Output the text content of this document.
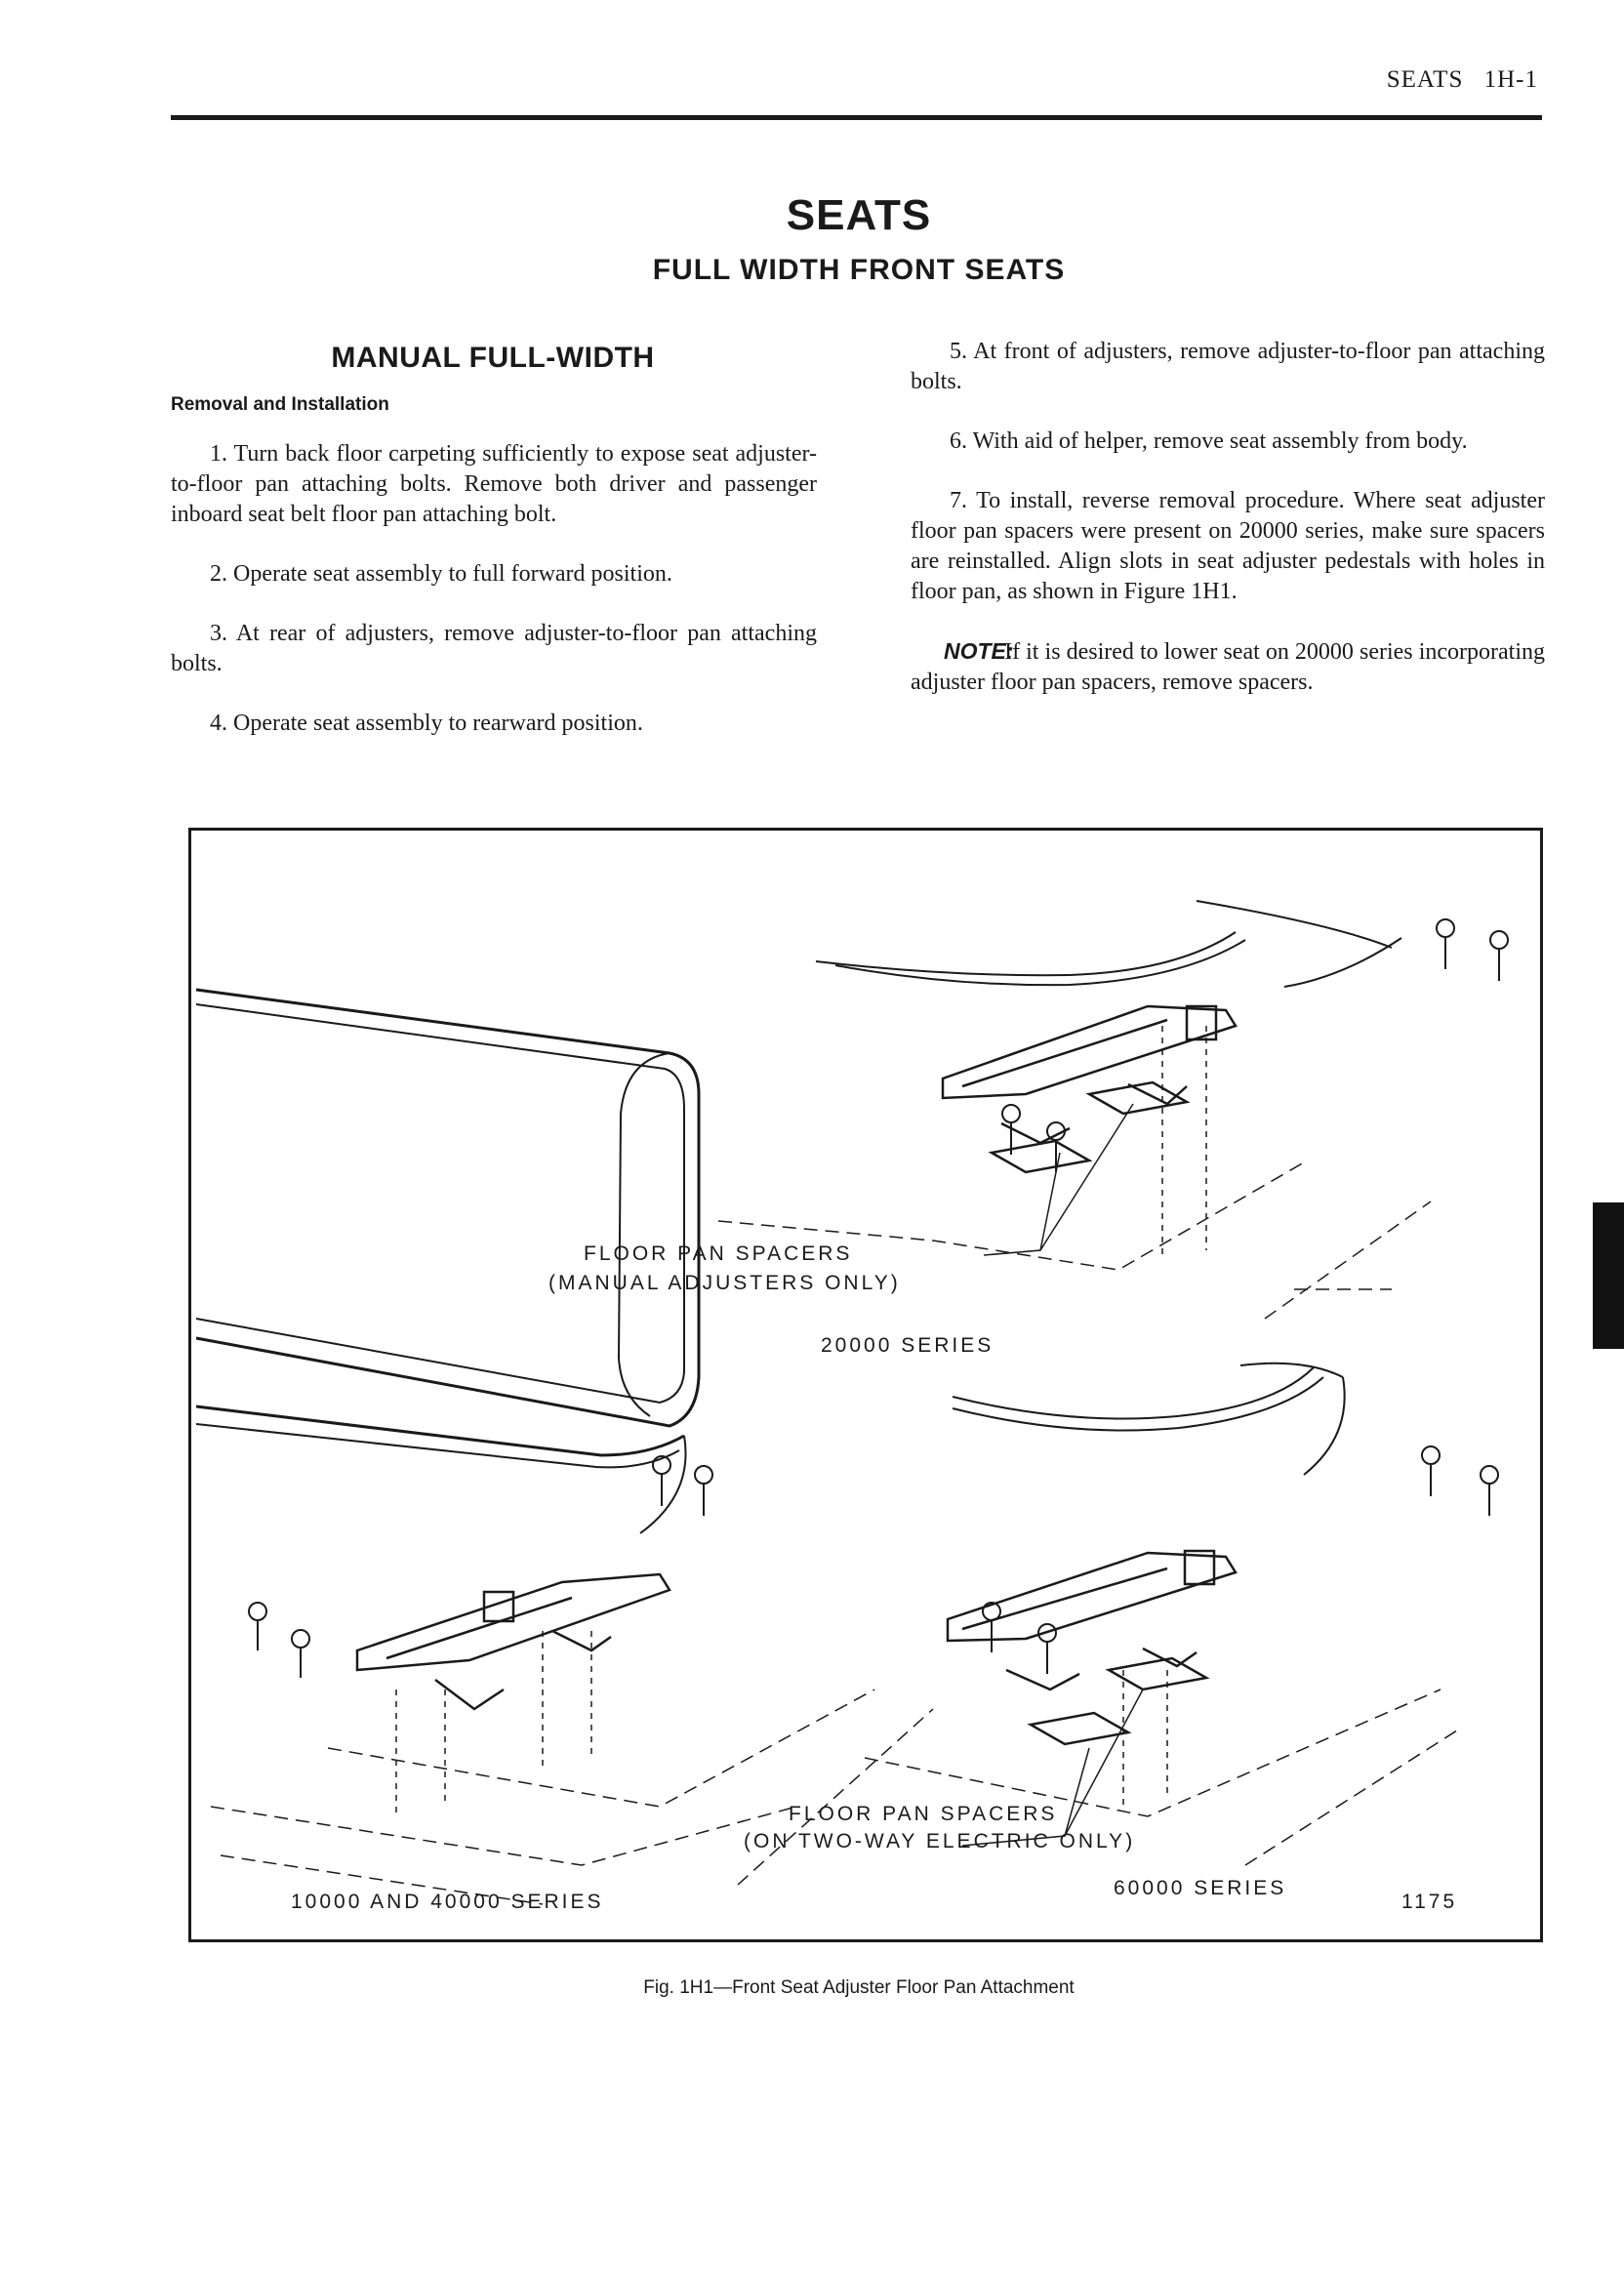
SEATS 1H-1
SEATS
FULL WIDTH FRONT SEATS
MANUAL FULL-WIDTH
Removal and Installation

1. Turn back floor carpeting sufficiently to expose seat adjuster-to-floor pan attaching bolts. Remove both driver and passenger inboard seat belt floor pan attaching bolt.

2. Operate seat assembly to full forward position.

3. At rear of adjusters, remove adjuster-to-floor pan attaching bolts.

4. Operate seat assembly to rearward position.

5. At front of adjusters, remove adjuster-to-floor pan attaching bolts.

6. With aid of helper, remove seat assembly from body.

7. To install, reverse removal procedure. Where seat adjuster floor pan spacers were present on 20000 series, make sure spacers are reinstalled. Align slots in seat adjuster pedestals with holes in floor pan, as shown in Figure 1H1.

NOTE: If it is desired to lower seat on 20000 series incorporating adjuster floor pan spacers, remove spacers.
FLOOR PAN SPACERS
(MANUAL ADJUSTERS ONLY)
20000 SERIES
FLOOR PAN SPACERS
(ON TWO-WAY ELECTRIC ONLY)
60000 SERIES
10000 AND 40000 SERIES	1175
Fig. 1H1—Front Seat Adjuster Floor Pan Attachment
